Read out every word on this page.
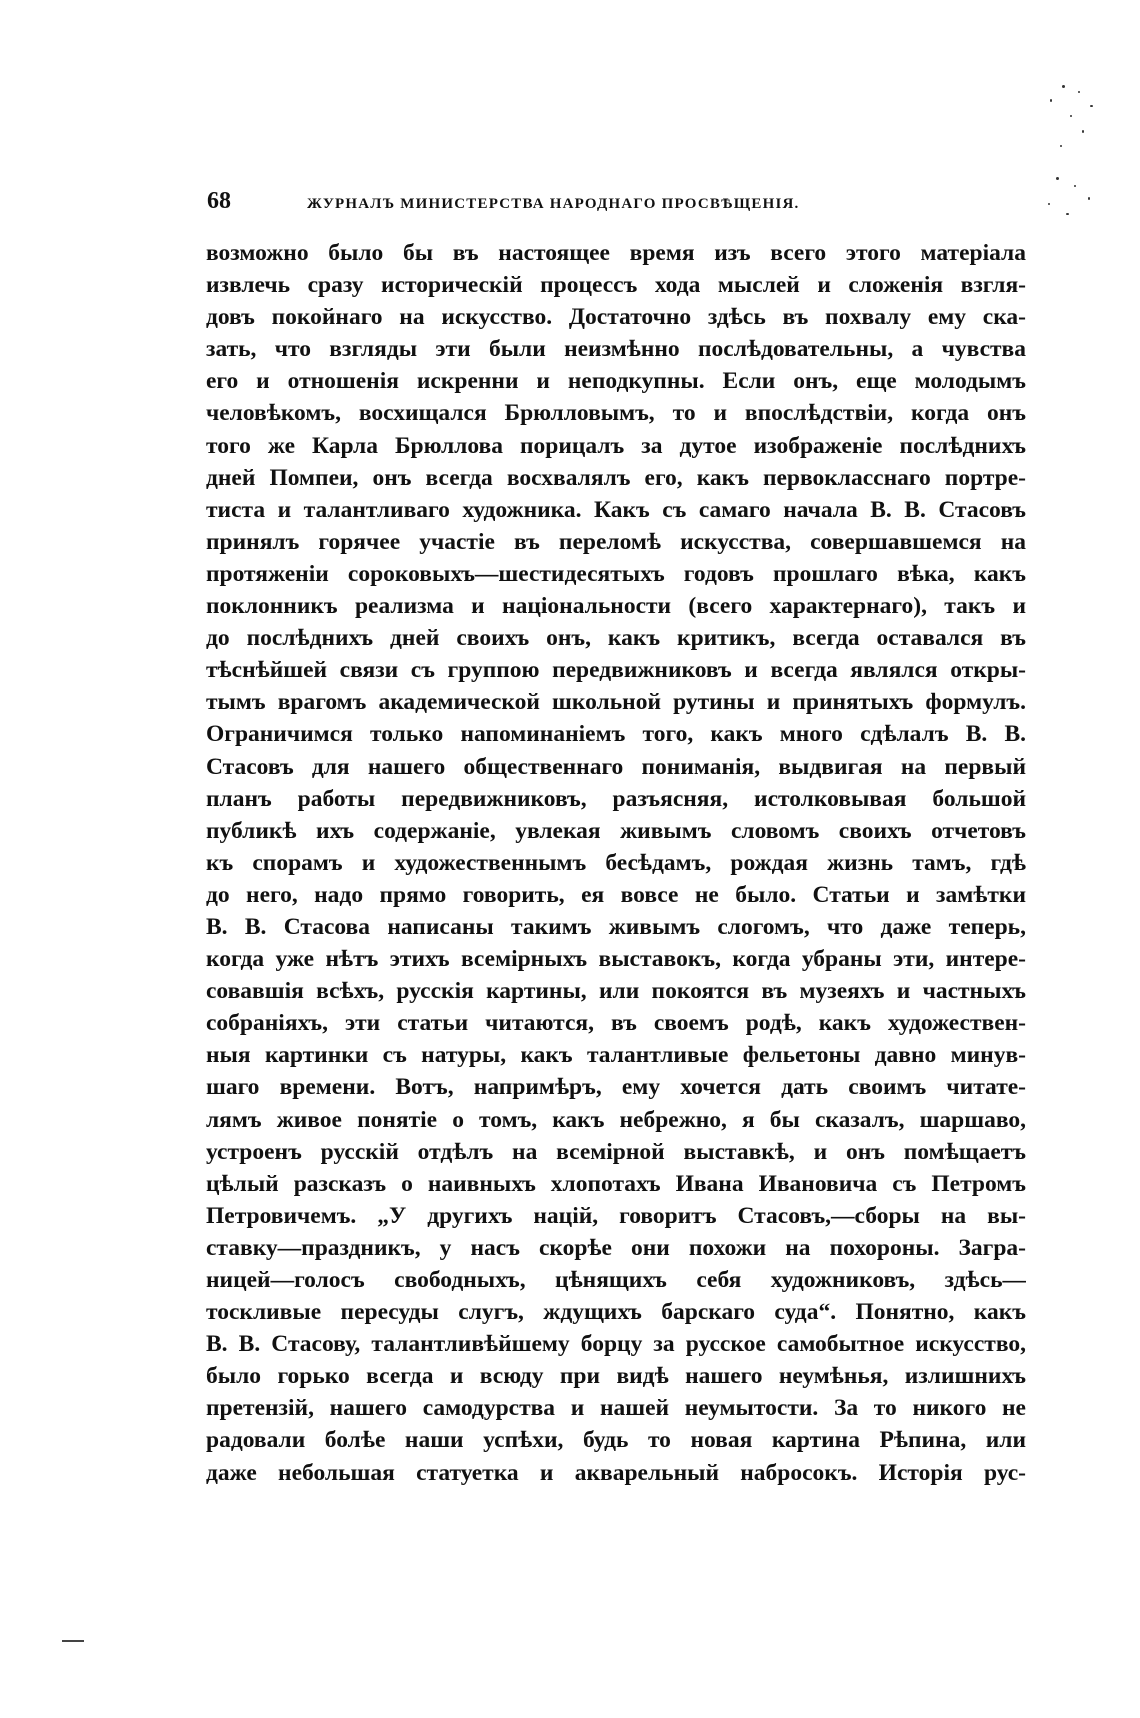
68	ЖУРНАЛЪ МИНИСТЕРСТВА НАРОДНАГО ПРОСВѢЩЕНІЯ.
возможно было бы въ настоящее время изъ всего этого матеріала
извлечь сразу историческій процессъ хода мыслей и сложенія взгля-
довъ покойнаго на искусство. Достаточно здѣсь въ похвалу ему ска-
зать, что взгляды эти были неизмѣнно послѣдовательны, а чувства
его и отношенія искренни и неподкупны. Если онъ, еще молодымъ
человѣкомъ, восхищался Брюлловымъ, то и впослѣдствіи, когда онъ
того же Карла Брюллова порицалъ за дутое изображеніе послѣднихъ
дней Помпеи, онъ всегда восхвалялъ его, какъ первокласснаго портре-
тиста и талантливаго художника. Какъ съ самаго начала В. В. Стасовъ
принялъ горячее участіе въ переломѣ искусства, совершавшемся на
протяженіи сороковыхъ—шестидесятыхъ годовъ прошлаго вѣка, какъ
поклонникъ реализма и національности (всего характернаго), такъ и
до послѣднихъ дней своихъ онъ, какъ критикъ, всегда оставался въ
тѣснѣйшей связи съ группою передвижниковъ и всегда являлся откры-
тымъ врагомъ академической школьной рутины и принятыхъ формулъ.
Ограничимся только напоминаніемъ того, какъ много сдѣлалъ В. В.
Стасовъ для нашего общественнаго пониманія, выдвигая на первый
планъ работы передвижниковъ, разъясняя, истолковывая большой
публикѣ ихъ содержаніе, увлекая живымъ словомъ своихъ отчетовъ
къ спорамъ и художественнымъ бесѣдамъ, рождая жизнь тамъ, гдѣ
до него, надо прямо говорить, ея вовсе не было. Статьи и замѣтки
В. В. Стасова написаны такимъ живымъ слогомъ, что даже теперь,
когда уже нѣтъ этихъ всемірныхъ выставокъ, когда убраны эти, интере-
совавшія всѣхъ, русскія картины, или покоятся въ музеяхъ и частныхъ
собраніяхъ, эти статьи читаются, въ своемъ родѣ, какъ художествен-
ныя картинки съ натуры, какъ талантливые фельетоны давно минув-
шаго времени. Вотъ, напримѣръ, ему хочется дать своимъ читате-
лямъ живое понятіе о томъ, какъ небрежно, я бы сказалъ, шаршаво,
устроенъ русскій отдѣлъ на всемірной выставкѣ, и онъ помѣщаетъ
цѣлый разсказъ о наивныхъ хлопотахъ Ивана Ивановича съ Петромъ
Петровичемъ. „У другихъ націй, говоритъ Стасовъ,—сборы на вы-
ставку—праздникъ, у насъ скорѣе они похожи на похороны. Загра-
ницей—голосъ свободныхъ, цѣнящихъ себя художниковъ, здѣсь—
тоскливые пересуды слугъ, ждущихъ барскаго суда“. Понятно, какъ
В. В. Стасову, талантливѣйшему борцу за русское самобытное искусство,
было горько всегда и всюду при видѣ нашего неумѣнья, излишнихъ
претензій, нашего самодурства и нашей неумытости. За то никого не
радовали болѣе наши успѣхи, будь то новая картина Рѣпина, или
даже небольшая статуетка и акварельный набросокъ. Исторія рус-
